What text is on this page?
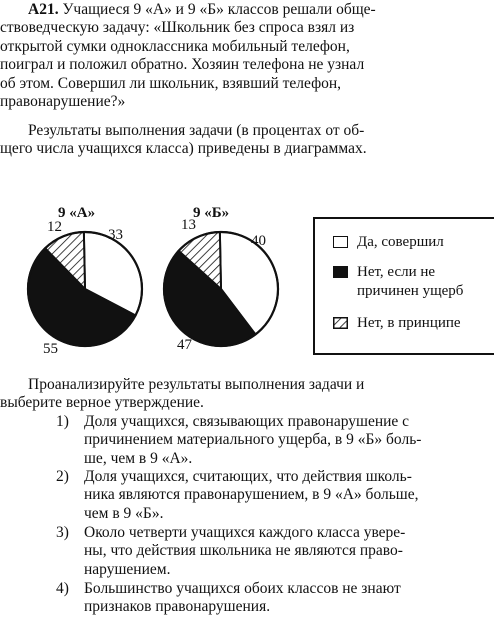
А21. Учащиеся 9 «А» и 9 «Б» классов решали обще-
ствоведческую задачу: «Школьник без спроса взял из
открытой сумки одноклассника мобильный телефон,
поиграл и положил обратно. Хозяин телефона не узнал
об этом. Совершил ли школьник, взявший телефон,
правонарушение?»
Результаты выполнения задачи (в процентах от об-
щего числа учащихся класса) приведены в диаграммах.
9 «А»	9 «Б»
12	33
55
13
40
47
Да, совершил
Нет, если не
причинен ущерб
Нет, в принципе
Проанализируйте результаты выполнения задачи и
выберите верное утверждение.
1) Доля учащихся, связывающих правонарушение с
причинением материального ущерба, в 9 «Б» боль-
ше, чем в 9 «А».
2) Доля учащихся, считающих, что действия школь-
ника являются правонарушением, в 9 «А» больше,
чем в 9 «Б».
3) Около четверти учащихся каждого класса увере-
ны, что действия школьника не являются право-
нарушением.
4) Большинство учащихся обоих классов не знают
признаков правонарушения.
